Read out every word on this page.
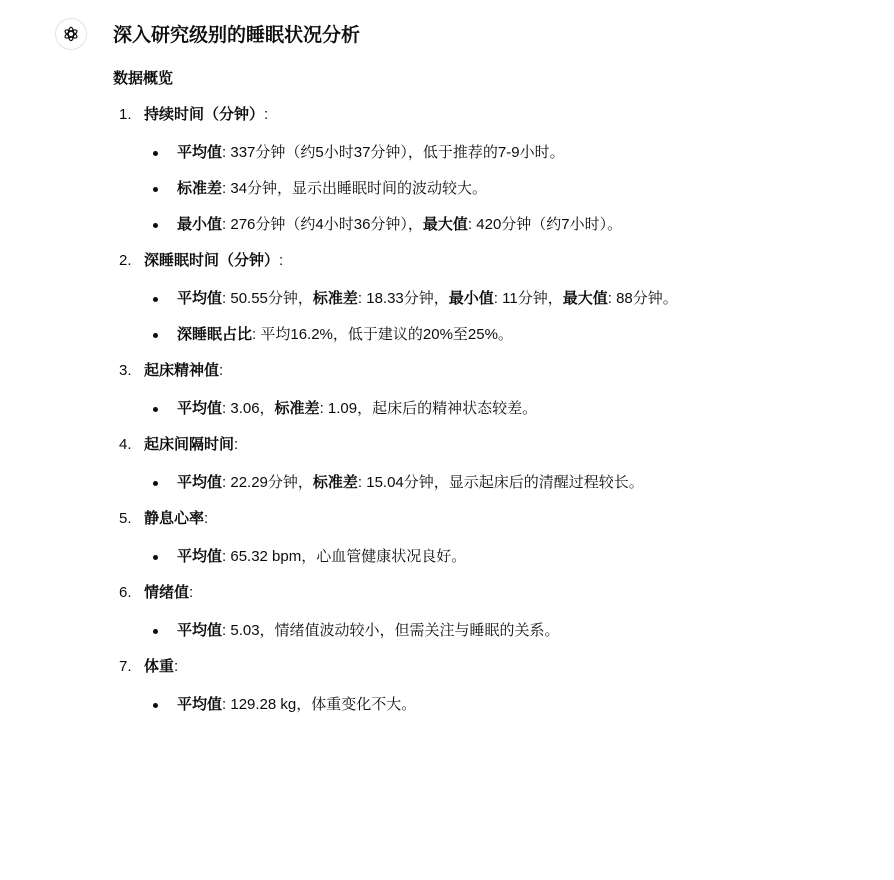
深入研究级别的睡眠状况分析
数据概览
1. 持续时间（分钟）:
平均值: 337分钟（约5小时37分钟），低于推荐的7-9小时。
标准差: 34分钟，显示出睡眠时间的波动较大。
最小值: 276分钟（约4小时36分钟），最大值: 420分钟（约7小时）。
2. 深睡眠时间（分钟）:
平均值: 50.55分钟，标准差: 18.33分钟，最小值: 11分钟，最大值: 88分钟。
深睡眠占比: 平均16.2%，低于建议的20%至25%。
3. 起床精神值:
平均值: 3.06，标准差: 1.09，起床后的精神状态较差。
4. 起床间隔时间:
平均值: 22.29分钟，标准差: 15.04分钟，显示起床后的清醒过程较长。
5. 静息心率:
平均值: 65.32 bpm，心血管健康状况良好。
6. 情绪值:
平均值: 5.03，情绪值波动较小，但需关注与睡眠的关系。
7. 体重:
平均值: 129.28 kg，体重变化不大。
